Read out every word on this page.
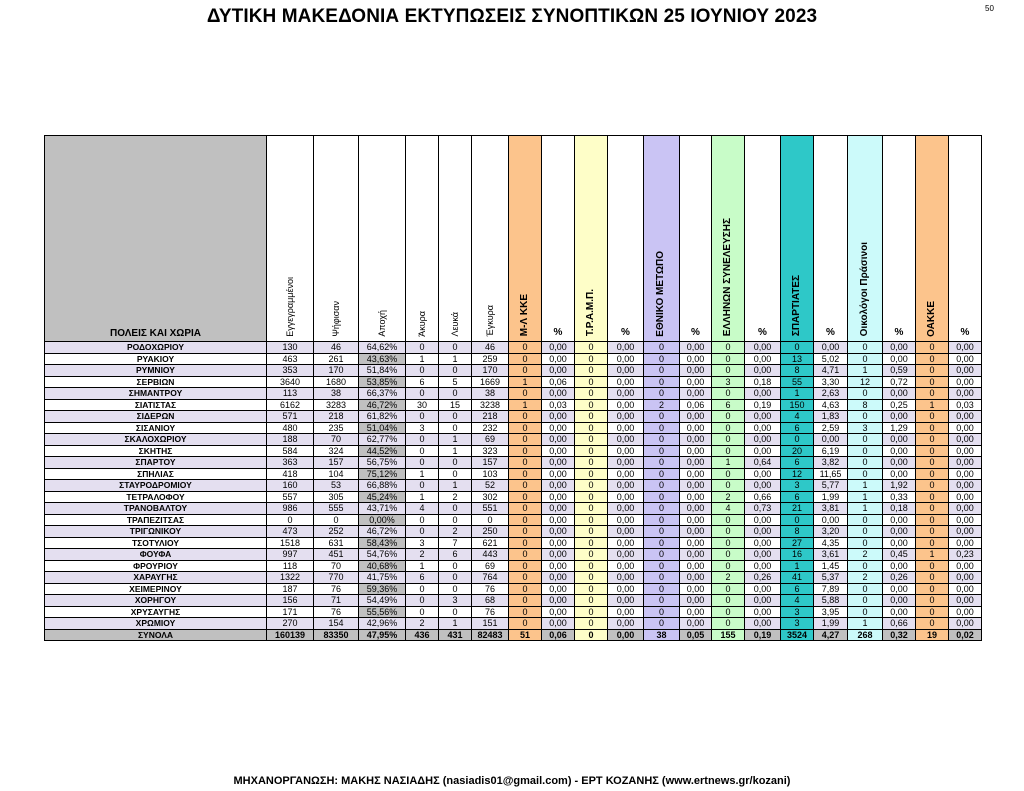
ΔΥΤΙΚΗ ΜΑΚΕΔΟΝΙΑ ΕΚΤΥΠΩΣΕΙΣ ΣΥΝΟΠΤΙΚΩΝ 25 ΙΟΥΝΙΟΥ 2023	50
ΠΟΛΕΙΣ ΚΑΙ ΧΩΡΙΑ	Εγγεγραμμένοι	Ψήφισαν	Αποχή	Άκυρα	Λευκά	Έγκυρα	Μ-Λ ΚΚΕ	%	Τ.Ρ.Α.Μ.Π.	%	ΕΘΝΙΚΟ ΜΕΤΩΠΟ	%	ΕΛΛΗΝΩΝ ΣΥΝΕΛΕΥΣΗΣ	%	ΣΠΑΡΤΙΑΤΕΣ	%	Οικολόγοι Πράσινοι	%	ΟΑΚΚΕ	%
ΡΟΔΟΧΩΡΙΟΥ	130	46	64,62%	0	0	46	0	0,00	0	0,00	0	0,00	0	0,00	0	0,00	0	0,00	0	0,00
ΡΥΑΚΙΟΥ	463	261	43,63%	1	1	259	0	0,00	0	0,00	0	0,00	0	0,00	13	5,02	0	0,00	0	0,00
ΡΥΜΝΙΟΥ	353	170	51,84%	0	0	170	0	0,00	0	0,00	0	0,00	0	0,00	8	4,71	1	0,59	0	0,00
ΣΕΡΒΙΩΝ	3640	1680	53,85%	6	5	1669	1	0,06	0	0,00	0	0,00	3	0,18	55	3,30	12	0,72	0	0,00
ΣΗΜΑΝΤΡΟΥ	113	38	66,37%	0	0	38	0	0,00	0	0,00	0	0,00	0	0,00	1	2,63	0	0,00	0	0,00
ΣΙΑΤΙΣΤΑΣ	6162	3283	46,72%	30	15	3238	1	0,03	0	0,00	2	0,06	6	0,19	150	4,63	8	0,25	1	0,03
ΣΙΔΕΡΩΝ	571	218	61,82%	0	0	218	0	0,00	0	0,00	0	0,00	0	0,00	4	1,83	0	0,00	0	0,00
ΣΙΣΑΝΙΟΥ	480	235	51,04%	3	0	232	0	0,00	0	0,00	0	0,00	0	0,00	6	2,59	3	1,29	0	0,00
ΣΚΑΛΟΧΩΡΙΟΥ	188	70	62,77%	0	1	69	0	0,00	0	0,00	0	0,00	0	0,00	0	0,00	0	0,00	0	0,00
ΣΚΗΤΗΣ	584	324	44,52%	0	1	323	0	0,00	0	0,00	0	0,00	0	0,00	20	6,19	0	0,00	0	0,00
ΣΠΑΡΤΟΥ	363	157	56,75%	0	0	157	0	0,00	0	0,00	0	0,00	1	0,64	6	3,82	0	0,00	0	0,00
ΣΠΗΛΙΑΣ	418	104	75,12%	1	0	103	0	0,00	0	0,00	0	0,00	0	0,00	12	11,65	0	0,00	0	0,00
ΣΤΑΥΡΟΔΡΟΜΙΟΥ	160	53	66,88%	0	1	52	0	0,00	0	0,00	0	0,00	0	0,00	3	5,77	1	1,92	0	0,00
ΤΕΤΡΑΛΟΦΟΥ	557	305	45,24%	1	2	302	0	0,00	0	0,00	0	0,00	2	0,66	6	1,99	1	0,33	0	0,00
ΤΡΑΝΟΒΑΛΤΟΥ	986	555	43,71%	4	0	551	0	0,00	0	0,00	0	0,00	4	0,73	21	3,81	1	0,18	0	0,00
ΤΡΑΠΕΖΙΤΣΑΣ	0	0	0,00%	0	0	0	0	0,00	0	0,00	0	0,00	0	0,00	0	0,00	0	0,00	0	0,00
ΤΡΙΓΩΝΙΚΟΥ	473	252	46,72%	0	2	250	0	0,00	0	0,00	0	0,00	0	0,00	8	3,20	0	0,00	0	0,00
ΤΣΟΤΥΛΙΟΥ	1518	631	58,43%	3	7	621	0	0,00	0	0,00	0	0,00	0	0,00	27	4,35	0	0,00	0	0,00
ΦΟΥΦΑ	997	451	54,76%	2	6	443	0	0,00	0	0,00	0	0,00	0	0,00	16	3,61	2	0,45	1	0,23
ΦΡΟΥΡΙΟΥ	118	70	40,68%	1	0	69	0	0,00	0	0,00	0	0,00	0	0,00	1	1,45	0	0,00	0	0,00
ΧΑΡΑΥΓΗΣ	1322	770	41,75%	6	0	764	0	0,00	0	0,00	0	0,00	2	0,26	41	5,37	2	0,26	0	0,00
ΧΕΙΜΕΡΙΝΟΥ	187	76	59,36%	0	0	76	0	0,00	0	0,00	0	0,00	0	0,00	6	7,89	0	0,00	0	0,00
ΧΟΡΗΓΟΥ	156	71	54,49%	0	3	68	0	0,00	0	0,00	0	0,00	0	0,00	4	5,88	0	0,00	0	0,00
ΧΡΥΣΑΥΓΗΣ	171	76	55,56%	0	0	76	0	0,00	0	0,00	0	0,00	0	0,00	3	3,95	0	0,00	0	0,00
ΧΡΩΜΙΟΥ	270	154	42,96%	2	1	151	0	0,00	0	0,00	0	0,00	0	0,00	3	1,99	1	0,66	0	0,00
ΣΥΝΟΛΑ	160139	83350	47,95%	436	431	82483	51	0,06	0	0,00	38	0,05	155	0,19	3524	4,27	268	0,32	19	0,02
ΜΗΧΑΝΟΡΓΑΝΩΣΗ: ΜΑΚΗΣ ΝΑΣΙΑΔΗΣ (nasiadis01@gmail.com) - ΕΡΤ ΚΟΖΑΝΗΣ (www.ertnews.gr/kozani)
